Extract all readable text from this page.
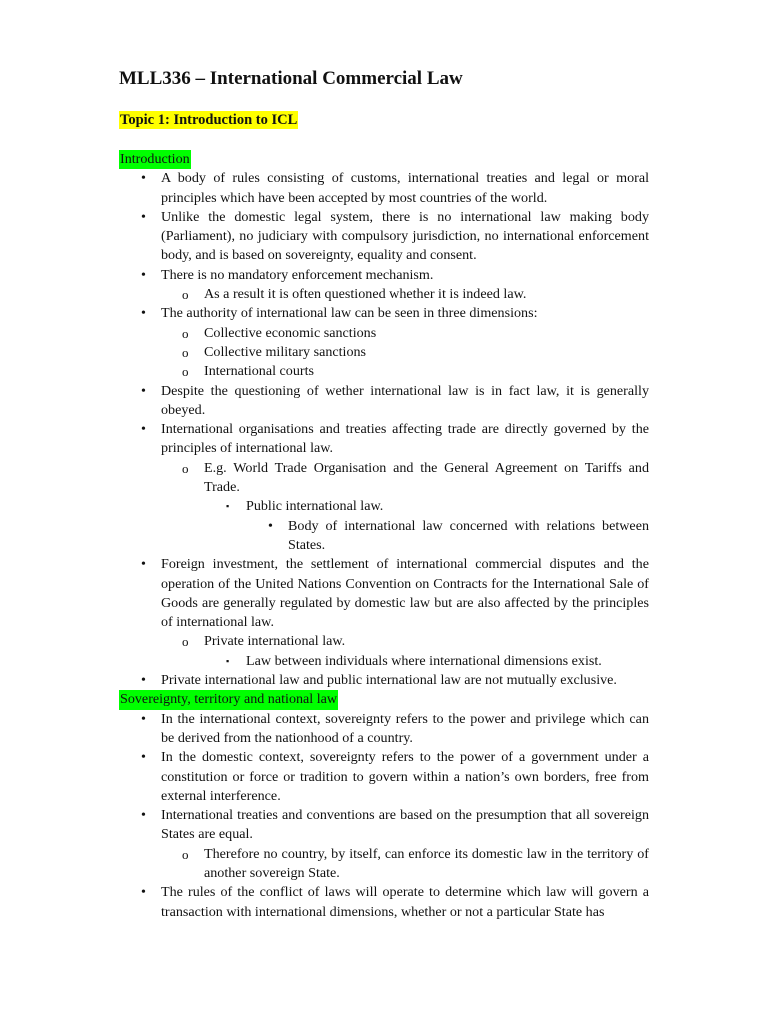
MLL336 – International Commercial Law
Topic 1: Introduction to ICL
Introduction
•
A body of rules consisting of customs, international treaties and legal or moral principles which have been accepted by most countries of the world.
•
Unlike the domestic legal system, there is no international law making body (Parliament), no judiciary with compulsory jurisdiction, no international enforcement body, and is based on sovereignty, equality and consent.
•
There is no mandatory enforcement mechanism.
o
As a result it is often questioned whether it is indeed law.
•
The authority of international law can be seen in three dimensions:
o
Collective economic sanctions
o
Collective military sanctions
o
International courts
•
Despite the questioning of wether international law is in fact law, it is generally obeyed.
•
International organisations and treaties affecting trade are directly governed by the principles of international law.
o
E.g. World Trade Organisation and the General Agreement on Tariffs and Trade.
▪
Public international law.
•
Body of international law concerned with relations between States.
•
Foreign investment, the settlement of international commercial disputes and the operation of the United Nations Convention on Contracts for the International Sale of Goods are generally regulated by domestic law but are also affected by the principles of international law.
o
Private international law.
▪
Law between individuals where international dimensions exist.
•
Private international law and public international law are not mutually exclusive.
Sovereignty, territory and national law
•
In the international context, sovereignty refers to the power and privilege which can be derived from the nationhood of a country.
•
In the domestic context, sovereignty refers to the power of a government under a constitution or force or tradition to govern within a nation’s own borders, free from external interference.
•
International treaties and conventions are based on the presumption that all sovereign States are equal.
o
Therefore no country, by itself, can enforce its domestic law in the territory of another sovereign State.
•
The rules of the conflict of laws will operate to determine which law will govern a transaction with international dimensions, whether or not a particular State has
